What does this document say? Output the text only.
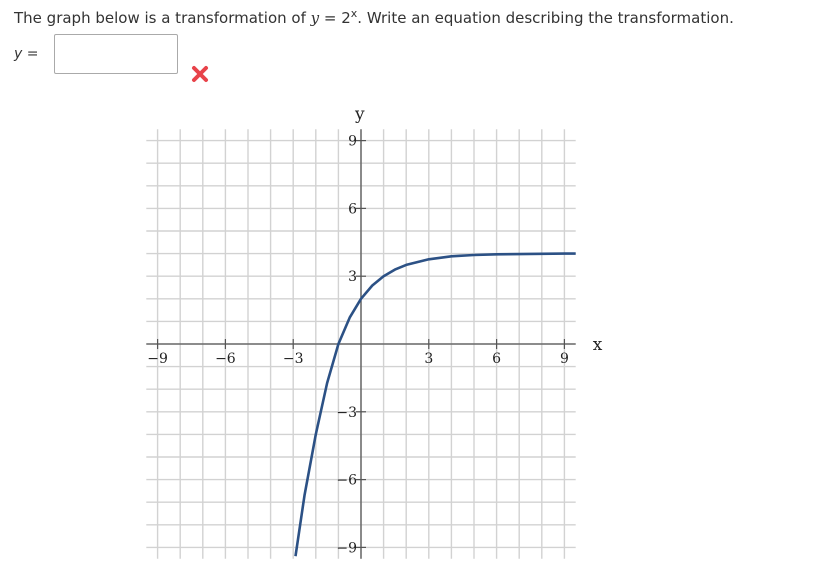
The graph below is a transformation of $y = 2^x$. Write an equation describing the transformation.
y =
−9	−6	−3	3	6	9
−9
−6
−3
3
6
9
x
y
